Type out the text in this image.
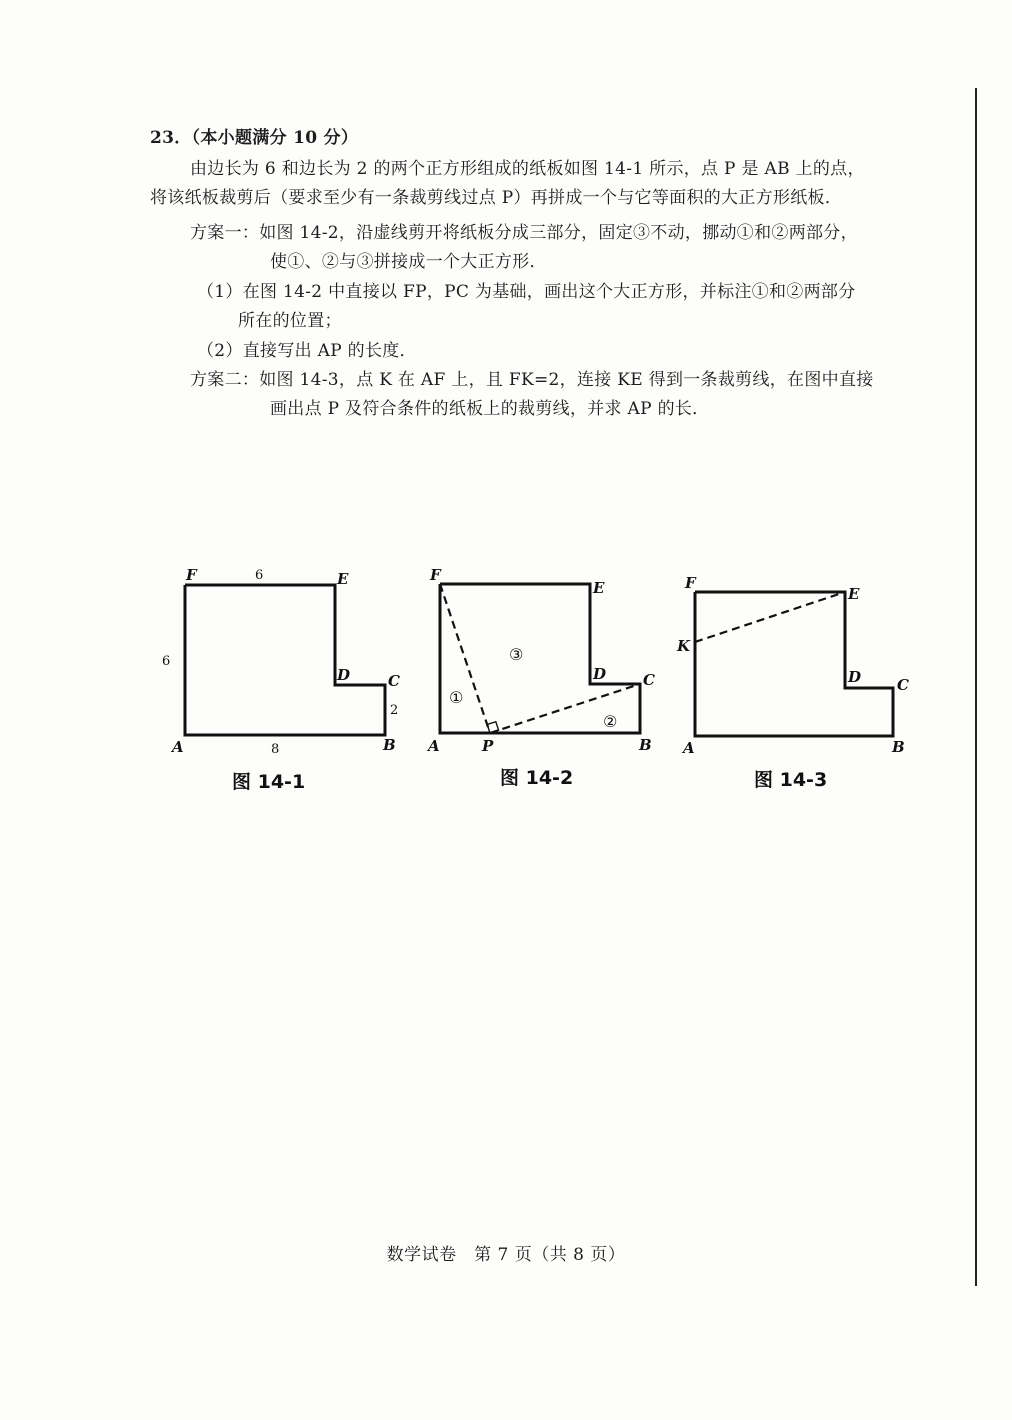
23．（本小题满分 10 分）
由边长为 6 和边长为 2 的两个正方形组成的纸板如图 14-1 所示，点 P 是 AB 上的点，
将该纸板裁剪后（要求至少有一条裁剪线过点 P）再拼成一个与它等面积的大正方形纸板．
方案一：如图 14-2，沿虚线剪开将纸板分成三部分，固定③不动，挪动①和②两部分，
使①、②与③拼接成一个大正方形．
（1）在图 14-2 中直接以 FP，PC 为基础，画出这个大正方形，并标注①和②两部分
所在的位置；
（2）直接写出 AP 的长度．
方案二：如图 14-3，点 K 在 AF 上，且 FK=2，连接 KE 得到一条裁剪线，在图中直接
画出点 P 及符合条件的纸板上的裁剪线，并求 AP 的长．
F	E
D	C
A	B
6
6
2
8
图 14-1
F
E
D C
A	P	B
①
②
③
图 14-2
F
E
K
D C
A	B
图 14-3
数学试卷　第 7 页（共 8 页）
